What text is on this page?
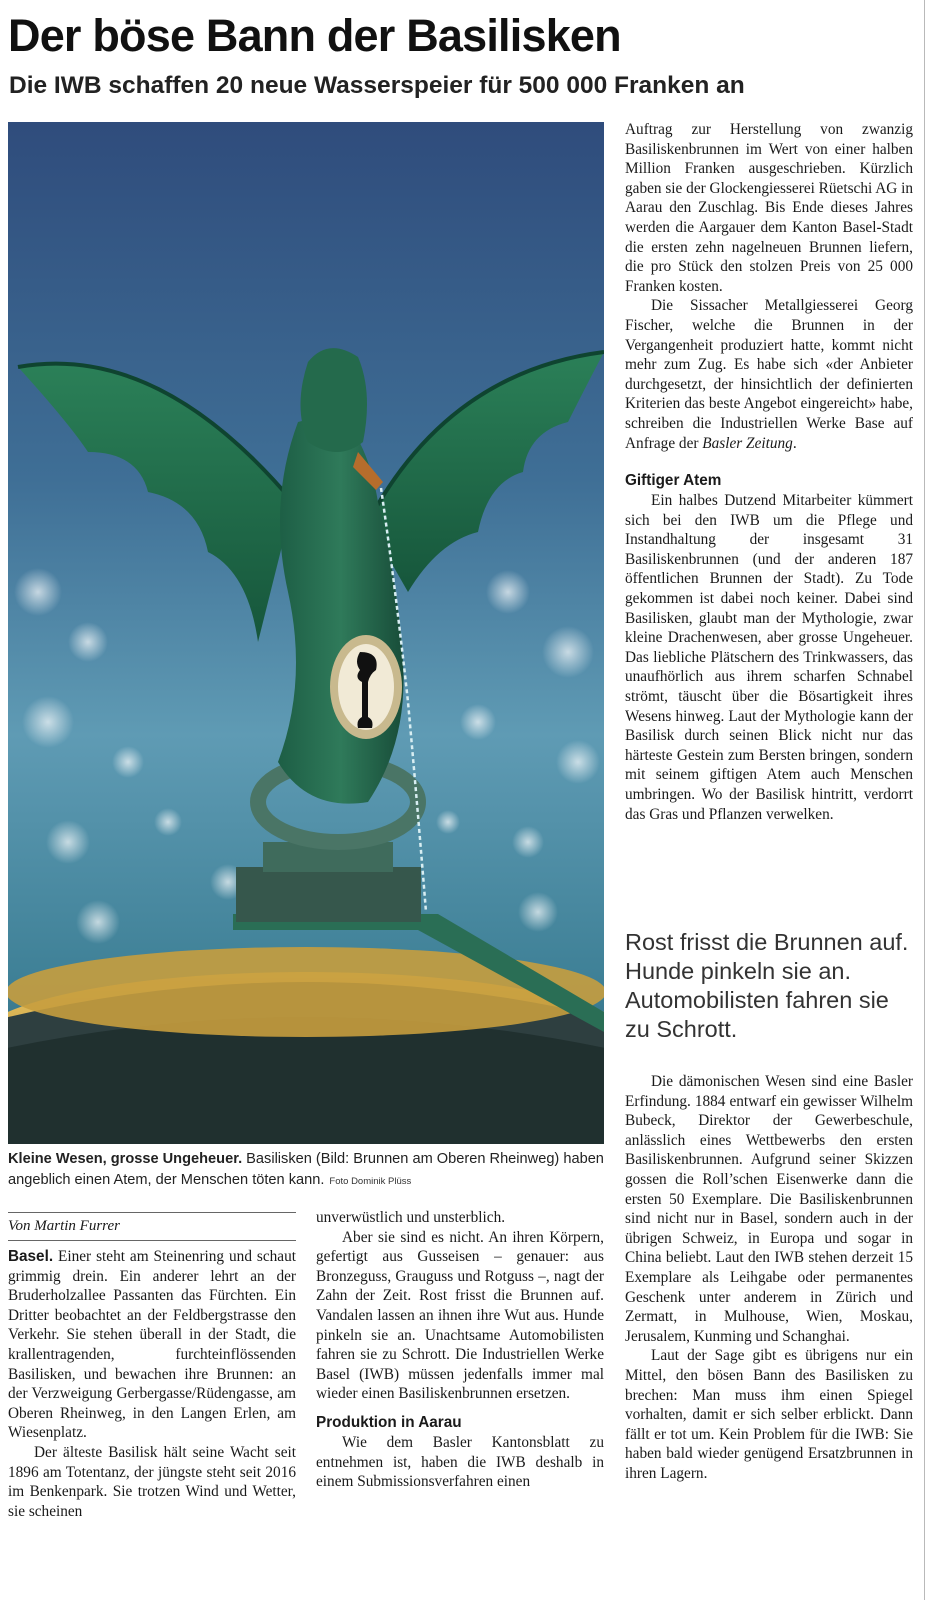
Der böse Bann der Basilisken
Die IWB schaffen 20 neue Wasserspeier für 500 000 Franken an
Kleine Wesen, grosse Ungeheuer. Basilisken (Bild: Brunnen am Oberen Rheinweg) haben angeblich einen Atem, der Menschen töten kann. Foto Dominik Plüss
Von Martin Furrer

Basel. Einer steht am Steinenring und schaut grimmig drein. Ein anderer lehrt an der Bruderholzallee Passanten das Fürchten. Ein Dritter beobachtet an der Feldbergstrasse den Verkehr. Sie stehen überall in der Stadt, die krallentragenden, furchteinflössenden Basilisken, und bewachen ihre Brunnen: an der Verzweigung Gerbergasse/Rüdengasse, am Oberen Rheinweg, in den Langen Erlen, am Wiesenplatz.

Der älteste Basilisk hält seine Wacht seit 1896 am Totentanz, der jüngste steht seit 2016 im Benkenpark. Sie trotzen Wind und Wetter, sie scheinen

unverwüstlich und unsterblich.

Aber sie sind es nicht. An ihren Körpern, gefertigt aus Gusseisen – genauer: aus Bronzeguss, Grauguss und Rotguss –, nagt der Zahn der Zeit. Rost frisst die Brunnen auf. Vandalen lassen an ihnen ihre Wut aus. Hunde pinkeln sie an. Unachtsame Automobilisten fahren sie zu Schrott. Die Industriellen Werke Basel (IWB) müssen jedenfalls immer mal wieder einen Basiliskenbrunnen ersetzen.

Produktion in Aarau

Wie dem Basler Kantonsblatt zu entnehmen ist, haben die IWB deshalb in einem Submissionsverfahren einen

Auftrag zur Herstellung von zwanzig Basiliskenbrunnen im Wert von einer halben Million Franken ausgeschrieben. Kürzlich gaben sie der Glockengiesserei Rüetschi AG in Aarau den Zuschlag. Bis Ende dieses Jahres werden die Aargauer dem Kanton Basel-Stadt die ersten zehn nagelneuen Brunnen liefern, die pro Stück den stolzen Preis von 25 000 Franken kosten.

Die Sissacher Metallgiesserei Georg Fischer, welche die Brunnen in der Vergangenheit produziert hatte, kommt nicht mehr zum Zug. Es habe sich «der Anbieter durchgesetzt, der hinsichtlich der definierten Kriterien das beste Angebot eingereicht» habe, schreiben die Industriellen Werke Base auf Anfrage der Basler Zeitung.

Giftiger Atem

Ein halbes Dutzend Mitarbeiter kümmert sich bei den IWB um die Pflege und Instandhaltung der insgesamt 31 Basiliskenbrunnen (und der anderen 187 öffentlichen Brunnen der Stadt). Zu Tode gekommen ist dabei noch keiner. Dabei sind Basilisken, glaubt man der Mythologie, zwar kleine Drachenwesen, aber grosse Ungeheuer. Das liebliche Plätschern des Trinkwassers, das unaufhörlich aus ihrem scharfen Schnabel strömt, täuscht über die Bösartigkeit ihres Wesens hinweg. Laut der Mythologie kann der Basilisk durch seinen Blick nicht nur das härteste Gestein zum Bersten bringen, sondern mit seinem giftigen Atem auch Menschen umbringen. Wo der Basilisk hintritt, verdorrt das Gras und Pflanzen verwelken.

Rost frisst die Brunnen auf. Hunde pinkeln sie an. Automobilisten fahren sie zu Schrott.

Die dämonischen Wesen sind eine Basler Erfindung. 1884 entwarf ein gewisser Wilhelm Bubeck, Direktor der Gewerbeschule, anlässlich eines Wettbewerbs den ersten Basiliskenbrunnen. Aufgrund seiner Skizzen gossen die Roll’schen Eisenwerke dann die ersten 50 Exemplare. Die Basiliskenbrunnen sind nicht nur in Basel, sondern auch in der übrigen Schweiz, in Europa und sogar in China beliebt. Laut den IWB stehen derzeit 15 Exemplare als Leihgabe oder permanentes Geschenk unter anderem in Zürich und Zermatt, in Mulhouse, Wien, Moskau, Jerusalem, Kunming und Schanghai.

Laut der Sage gibt es übrigens nur ein Mittel, den bösen Bann des Basilisken zu brechen: Man muss ihm einen Spiegel vorhalten, damit er sich selber erblickt. Dann fällt er tot um. Kein Problem für die IWB: Sie haben bald wieder genügend Ersatzbrunnen in ihren Lagern.
